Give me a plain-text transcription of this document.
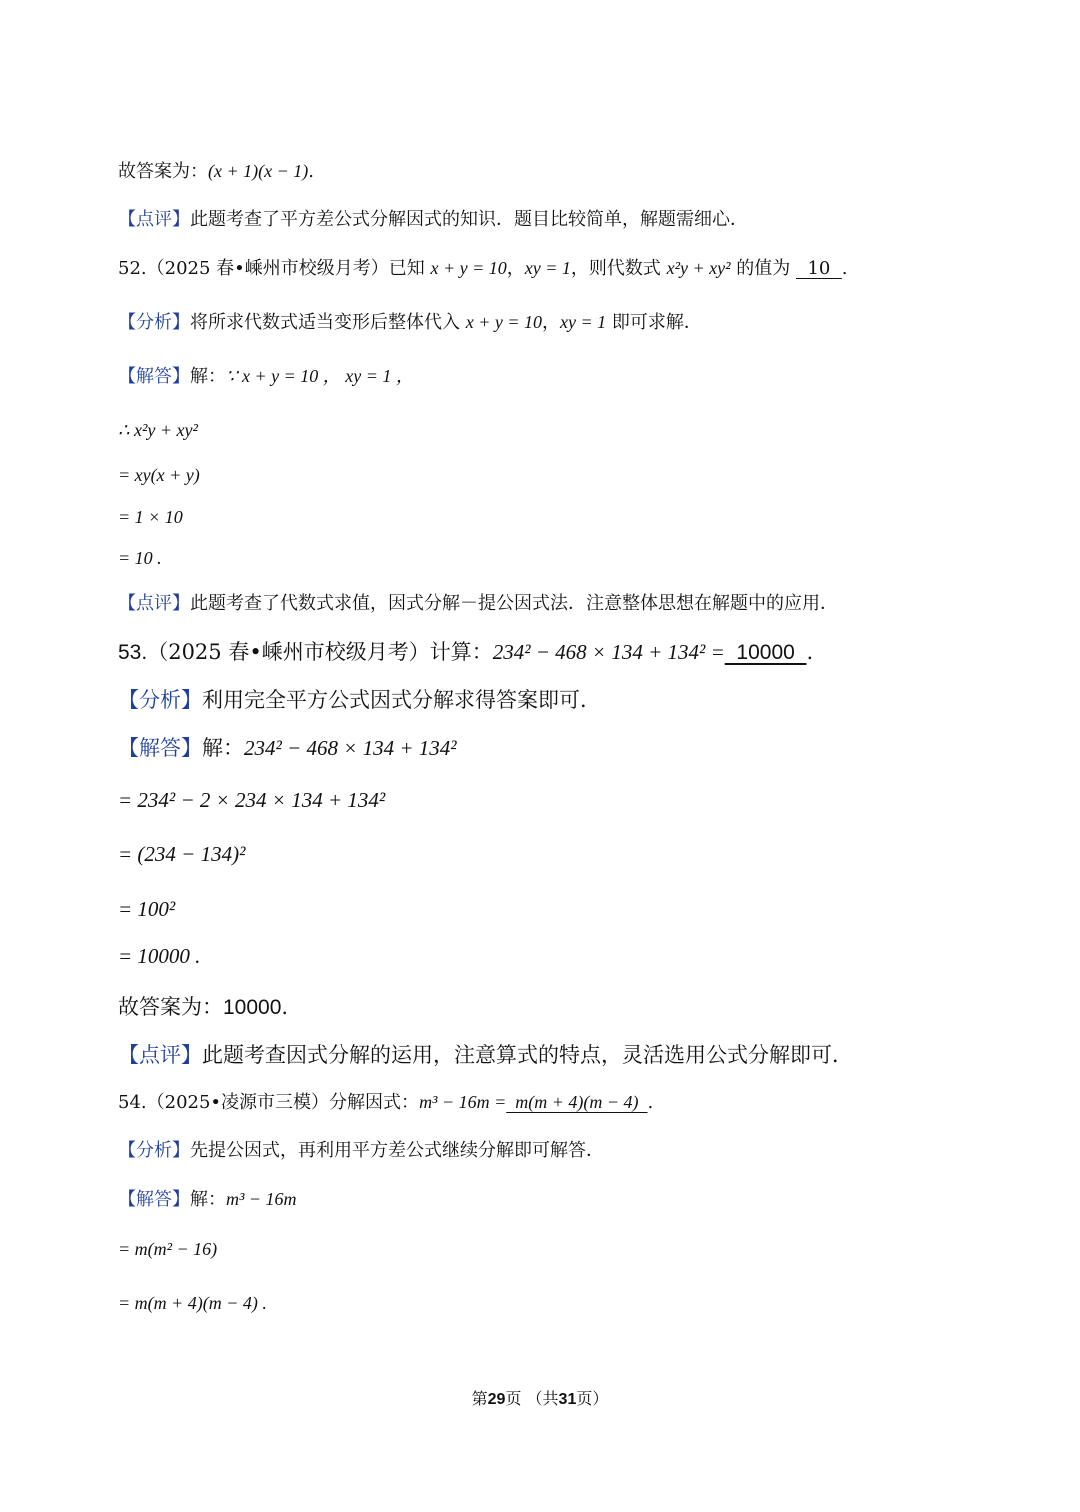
故答案为：(x + 1)(x − 1).
【点评】此题考查了平方差公式分解因式的知识．题目比较简单，解题需细心．
52.（2025 春•嵊州市校级月考）已知 x + y = 10，xy = 1，则代数式 x²y + xy² 的值为   10  .
【分析】将所求代数式适当变形后整体代入 x + y = 10，xy = 1 即可求解．
【解答】解：∵ x + y = 10 ， xy = 1 ，
∴ x²y + xy²
= xy(x + y)
= 1 × 10
= 10 .
【点评】此题考查了代数式求值，因式分解－提公因式法．注意整体思想在解题中的应用．
53.（2025 春•嵊州市校级月考）计算：234² − 468 × 134 + 134² =  10000  .
【分析】利用完全平方公式因式分解求得答案即可．
【解答】解：234² − 468 × 134 + 134²
= 234² − 2 × 234 × 134 + 134²
= (234 − 134)²
= 100²
= 10000 .
故答案为：10000.
【点评】此题考查因式分解的运用，注意算式的特点，灵活选用公式分解即可．
54.（2025•凌源市三模）分解因式：m³ − 16m =  m(m + 4)(m − 4)  .
【分析】先提公因式，再利用平方差公式继续分解即可解答．
【解答】解：m³ − 16m
= m(m² − 16)
= m(m + 4)(m − 4) .
第29页 （共31页）
